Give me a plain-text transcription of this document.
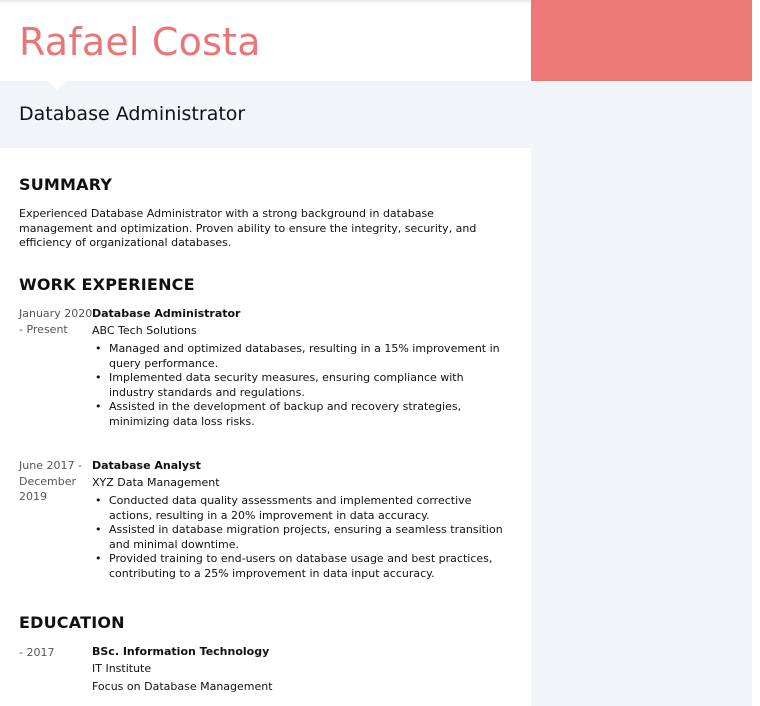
Rafael Costa
Database Administrator
SUMMARY

Experienced Database Administrator with a strong background in database management and optimization. Proven ability to ensure the integrity, security, and efficiency of organizational databases.

WORK EXPERIENCE
January 2020
- Present
Database Administrator
ABC Tech Solutions
• Managed and optimized databases, resulting in a 15% improvement in query performance.
• Implemented data security measures, ensuring compliance with industry standards and regulations.
• Assisted in the development of backup and recovery strategies, minimizing data loss risks.
June 2017 -
December 2019
Database Analyst
XYZ Data Management
• Conducted data quality assessments and implemented corrective actions, resulting in a 20% improvement in data accuracy.
• Assisted in database migration projects, ensuring a seamless transition and minimal downtime.
• Provided training to end-users on database usage and best practices, contributing to a 25% improvement in data input accuracy.
EDUCATION
- 2017	BSc. Information Technology
IT Institute
Focus on Database Management
